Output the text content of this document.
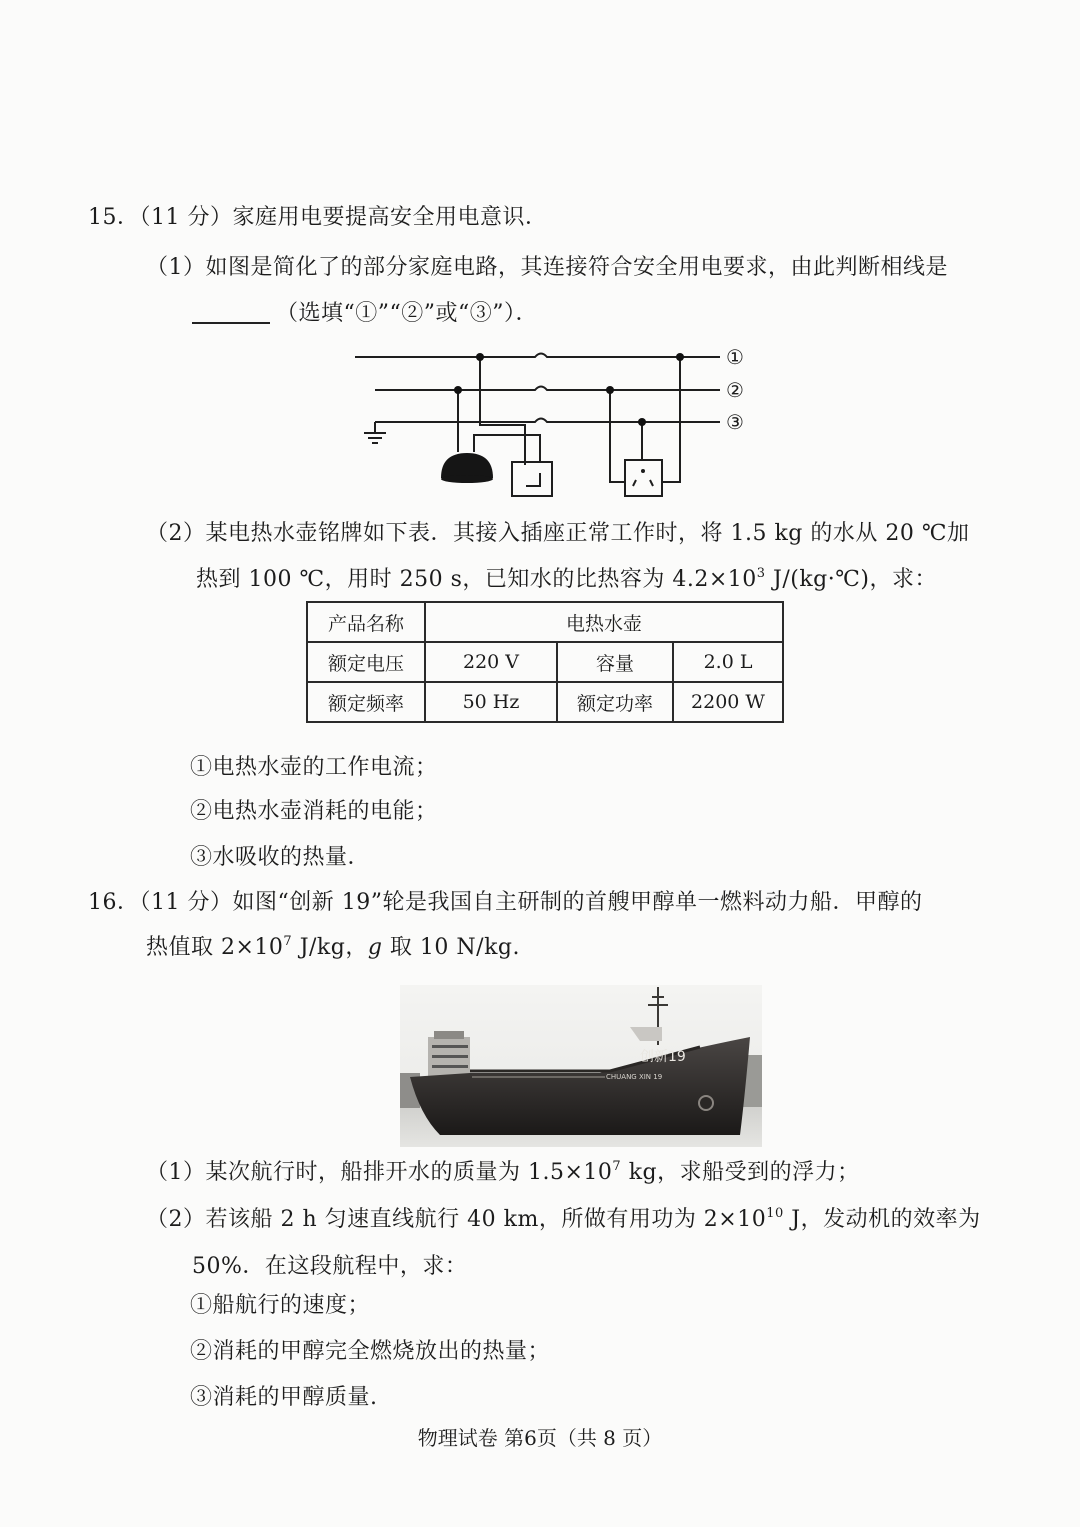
15．（11 分）家庭用电要提高安全用电意识．
（1）如图是简化了的部分家庭电路，其连接符合安全用电要求，由此判断相线是
（选填“①”“②”或“③”）．
①
②
③
（2）某电热水壶铭牌如下表．其接入插座正常工作时，将 1.5 kg 的水从 20 ℃加
热到 100 ℃，用时 250 s，已知水的比热容为 $4.2\times 10^3$ J/(kg·℃)，求：
产品名称	电热水壶		
额定电压	220 V	容量	2.0 L
额定频率	50 Hz	额定功率	2200 W
①电热水壶的工作电流；
②电热水壶消耗的电能；
③水吸收的热量．
16．（11 分）如图“创新 19”轮是我国自主研制的首艘甲醇单一燃料动力船．甲醇的
热值取 $2\times 10^7$ J/kg，g 取 10 N/kg.
创新19
CHUANG XIN 19
（1）某次航行时，船排开水的质量为 $1.5\times 10^7$ kg，求船受到的浮力；
（2）若该船 2 h 匀速直线航行 40 km，所做有用功为 $2\times 10^{10}$ J，发动机的效率为
50%．在这段航程中，求：
①船航行的速度；
②消耗的甲醇完全燃烧放出的热量；
③消耗的甲醇质量.
物理试卷 第6页（共 8 页）
